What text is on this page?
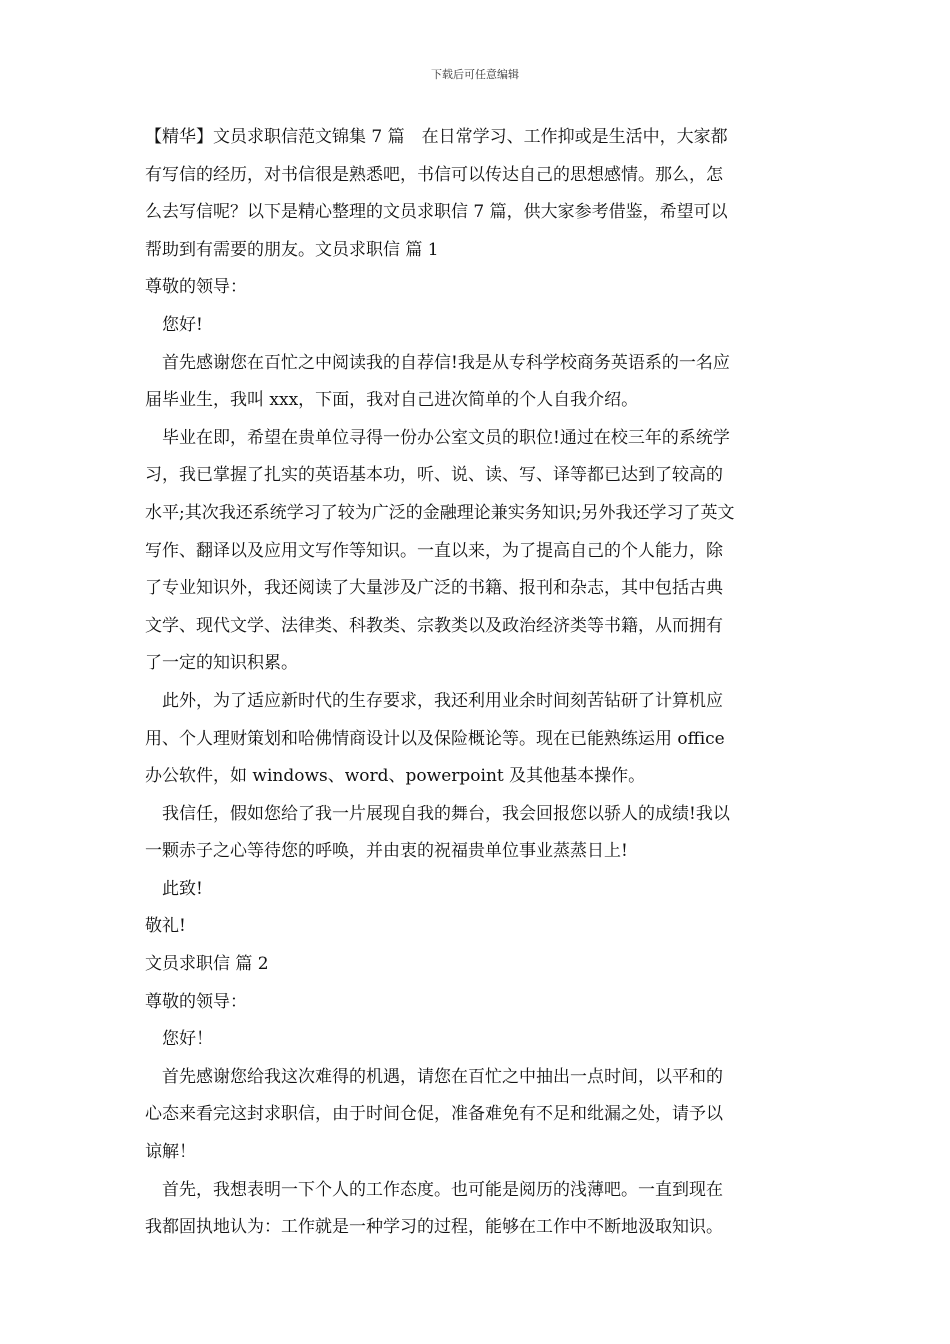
下载后可任意编辑
【精华】文员求职信范文锦集 7 篇　在日常学习、工作抑或是生活中，大家都
有写信的经历，对书信很是熟悉吧，书信可以传达自己的思想感情。那么，怎
么去写信呢？以下是精心整理的文员求职信 7 篇，供大家参考借鉴，希望可以
帮助到有需要的朋友。文员求职信 篇 1
尊敬的领导：
您好!
首先感谢您在百忙之中阅读我的自荐信!我是从专科学校商务英语系的一名应
届毕业生，我叫 xxx，下面，我对自己进次简单的个人自我介绍。
毕业在即，希望在贵单位寻得一份办公室文员的职位!通过在校三年的系统学
习，我已掌握了扎实的英语基本功，听、说、读、写、译等都已达到了较高的
水平;其次我还系统学习了较为广泛的金融理论兼实务知识;另外我还学习了英文
写作、翻译以及应用文写作等知识。一直以来，为了提高自己的个人能力，除
了专业知识外，我还阅读了大量涉及广泛的书籍、报刊和杂志，其中包括古典
文学、现代文学、法律类、科教类、宗教类以及政治经济类等书籍，从而拥有
了一定的知识积累。
此外，为了适应新时代的生存要求，我还利用业余时间刻苦钻研了计算机应
用、个人理财策划和哈佛情商设计以及保险概论等。现在已能熟练运用 office
办公软件，如 windows、word、powerpoint 及其他基本操作。
我信任，假如您给了我一片展现自我的舞台，我会回报您以骄人的成绩!我以
一颗赤子之心等待您的呼唤，并由衷的祝福贵单位事业蒸蒸日上!
此致!
敬礼!
文员求职信 篇 2
尊敬的领导：
您好！
首先感谢您给我这次难得的机遇，请您在百忙之中抽出一点时间，以平和的
心态来看完这封求职信，由于时间仓促，准备难免有不足和纰漏之处，请予以
谅解！
首先，我想表明一下个人的工作态度。也可能是阅历的浅薄吧。一直到现在
我都固执地认为：工作就是一种学习的过程，能够在工作中不断地汲取知识。
